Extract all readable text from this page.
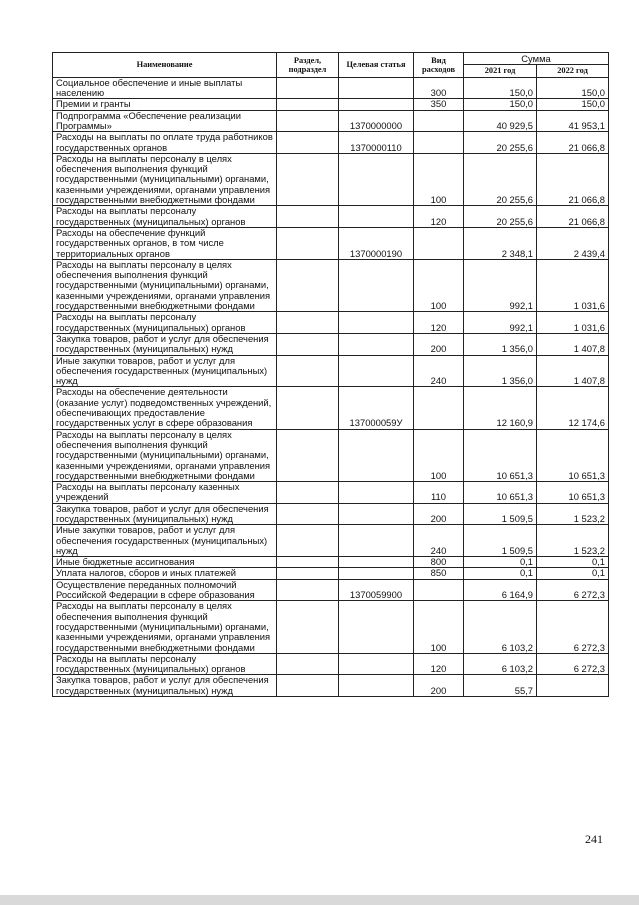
Наименование	Раздел, подраздел	Целевая статья	Вид расходов	Сумма	
				2021 год	2022 год
Социальное обеспечение и иные выплаты населению			300	150,0	150,0
Премии и гранты			350	150,0	150,0
Подпрограмма «Обеспечение реализации Программы»		1370000000		40 929,5	41 953,1
Расходы на выплаты по оплате труда работников государственных органов		1370000110		20 255,6	21 066,8
Расходы на выплаты персоналу в целях обеспечения выполнения функций государственными (муниципальными) органами, казенными учреждениями, органами управления государственными внебюджетными фондами			100	20 255,6	21 066,8
Расходы на выплаты персоналу государственных (муниципальных) органов			120	20 255,6	21 066,8
Расходы на обеспечение функций государственных органов, в том числе территориальных органов		1370000190		2 348,1	2 439,4
Расходы на выплаты персоналу в целях обеспечения выполнения функций государственными (муниципальными) органами, казенными учреждениями, органами управления государственными внебюджетными фондами			100	992,1	1 031,6
Расходы на выплаты персоналу государственных (муниципальных) органов			120	992,1	1 031,6
Закупка товаров, работ и услуг для обеспечения государственных (муниципальных) нужд			200	1 356,0	1 407,8
Иные закупки товаров, работ и услуг для обеспечения государственных (муниципальных) нужд			240	1 356,0	1 407,8
Расходы на обеспечение деятельности (оказание услуг) подведомственных учреждений, обеспечивающих предоставление государственных услуг в сфере образования		137000059У		12 160,9	12 174,6
Расходы на выплаты персоналу в целях обеспечения выполнения функций государственными (муниципальными) органами, казенными учреждениями, органами управления государственными внебюджетными фондами			100	10 651,3	10 651,3
Расходы на выплаты персоналу казенных учреждений			110	10 651,3	10 651,3
Закупка товаров, работ и услуг для обеспечения государственных (муниципальных) нужд			200	1 509,5	1 523,2
Иные закупки товаров, работ и услуг для обеспечения государственных (муниципальных) нужд			240	1 509,5	1 523,2
Иные бюджетные ассигнования			800	0,1	0,1
Уплата налогов, сборов и иных платежей			850	0,1	0,1
Осуществление переданных полномочий Российской Федерации в сфере образования		1370059900		6 164,9	6 272,3
Расходы на выплаты персоналу в целях обеспечения выполнения функций государственными (муниципальными) органами, казенными учреждениями, органами управления государственными внебюджетными фондами			100	6 103,2	6 272,3
Расходы на выплаты персоналу государственных (муниципальных) органов			120	6 103,2	6 272,3
Закупка товаров, работ и услуг для обеспечения государственных (муниципальных) нужд			200	55,7	
241
